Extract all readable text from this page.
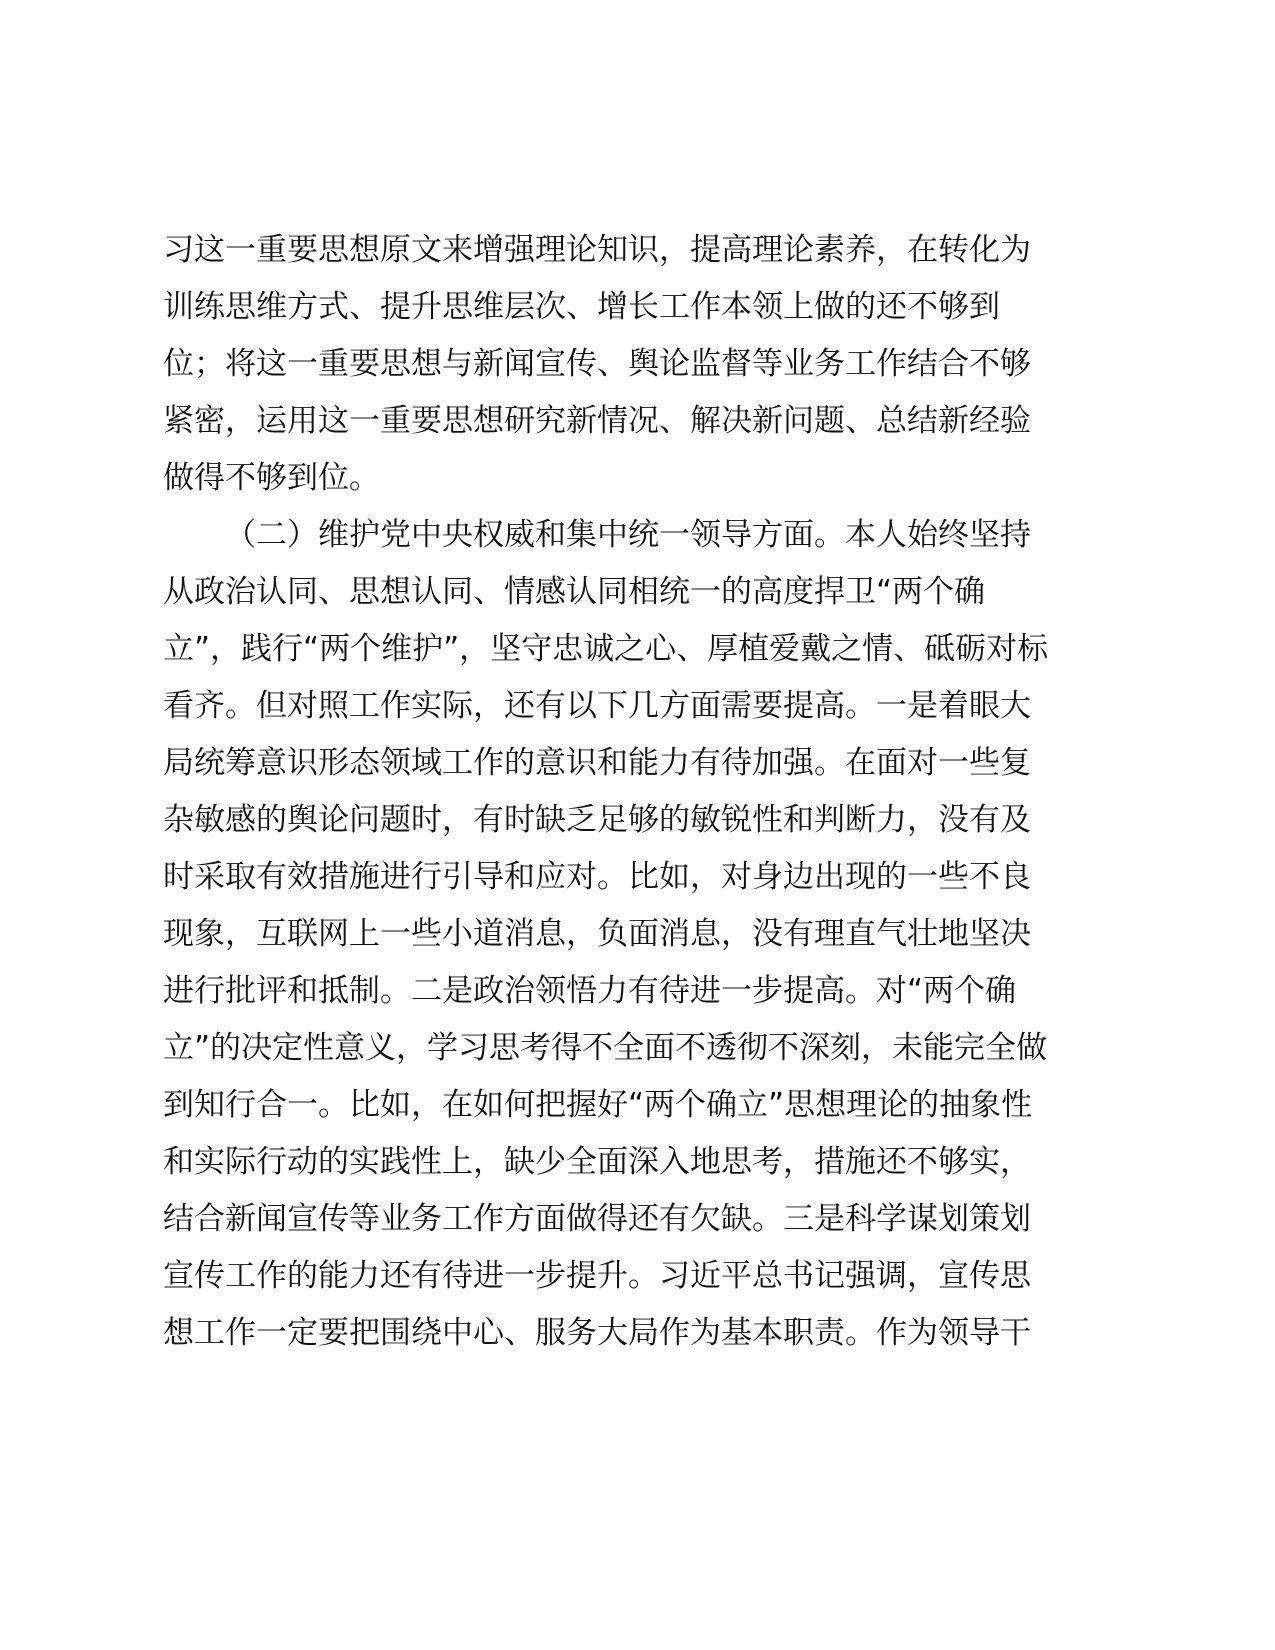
习这一重要思想原文来增强理论知识，提高理论素养，在转化为
训练思维方式、提升思维层次、增长工作本领上做的还不够到
位；将这一重要思想与新闻宣传、舆论监督等业务工作结合不够
紧密，运用这一重要思想研究新情况、解决新问题、总结新经验
做得不够到位。
（二）维护党中央权威和集中统一领导方面。本人始终坚持
从政治认同、思想认同、情感认同相统一的高度捍卫“两个确
立”，践行“两个维护”，坚守忠诚之心、厚植爱戴之情、砥砺对标
看齐。但对照工作实际，还有以下几方面需要提高。一是着眼大
局统筹意识形态领域工作的意识和能力有待加强。在面对一些复
杂敏感的舆论问题时，有时缺乏足够的敏锐性和判断力，没有及
时采取有效措施进行引导和应对。比如，对身边出现的一些不良
现象，互联网上一些小道消息，负面消息，没有理直气壮地坚决
进行批评和抵制。二是政治领悟力有待进一步提高。对“两个确
立”的决定性意义，学习思考得不全面不透彻不深刻，未能完全做
到知行合一。比如，在如何把握好“两个确立”思想理论的抽象性
和实际行动的实践性上，缺少全面深入地思考，措施还不够实，
结合新闻宣传等业务工作方面做得还有欠缺。三是科学谋划策划
宣传工作的能力还有待进一步提升。习近平总书记强调，宣传思
想工作一定要把围绕中心、服务大局作为基本职责。作为领导干
